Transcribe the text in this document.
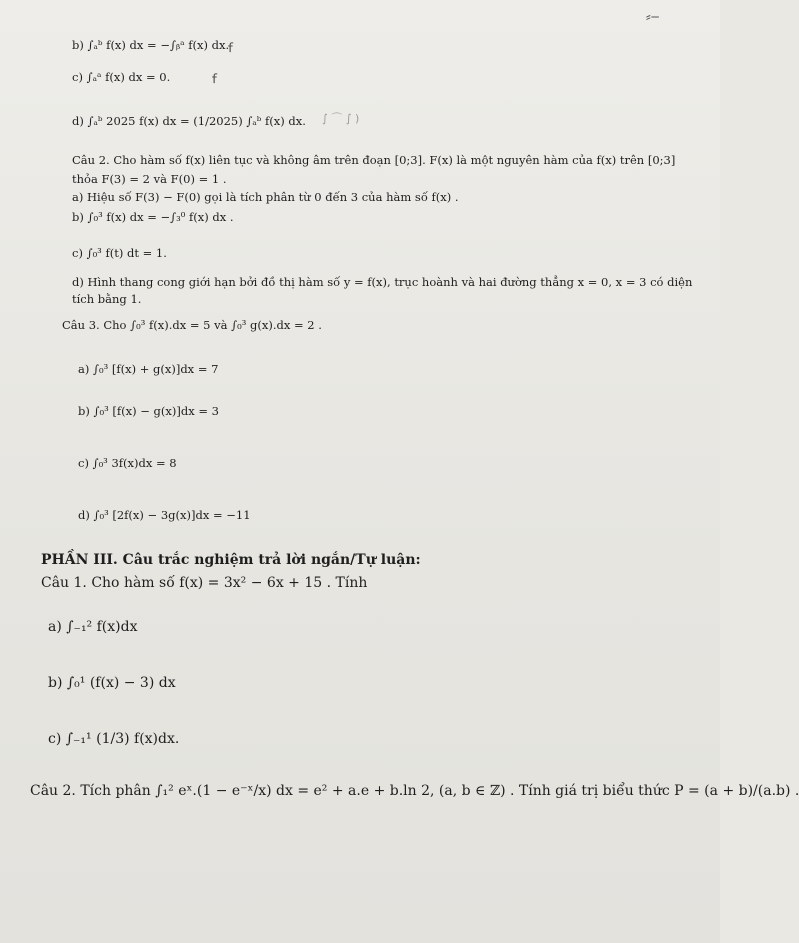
⸗‒
ꬵ
ꬵ
∫ ⌒ ∫ )
b) ∫ₐᵇ f(x) dx = −∫ᵦᵃ f(x) dx.
c) ∫ₐᵃ f(x) dx = 0.
d) ∫ₐᵇ 2025 f(x) dx = (1/2025) ∫ₐᵇ f(x) dx.
Câu 2. Cho hàm số f(x) liên tục và không âm trên đoạn [0;3]. F(x) là một nguyên hàm của f(x) trên [0;3]
thỏa F(3) = 2 và F(0) = 1 .
a) Hiệu số F(3) − F(0) gọi là tích phân từ 0 đến 3 của hàm số f(x) .
b) ∫₀³ f(x) dx = −∫₃⁰ f(x) dx .
c) ∫₀³ f(t) dt = 1.
d) Hình thang cong giới hạn bởi đồ thị hàm số y = f(x), trục hoành và hai đường thẳng x = 0, x = 3 có diện
tích bằng 1.
Câu 3. Cho ∫₀³ f(x).dx = 5 và ∫₀³ g(x).dx = 2 .
a) ∫₀³ [f(x) + g(x)]dx = 7
b) ∫₀³ [f(x) − g(x)]dx = 3
c) ∫₀³ 3f(x)dx = 8
d) ∫₀³ [2f(x) − 3g(x)]dx = −11
PHẦN III. Câu trắc nghiệm trả lời ngắn/Tự luận:
Câu 1. Cho hàm số f(x) = 3x² − 6x + 15 . Tính
a) ∫₋₁² f(x)dx
b) ∫₀¹ (f(x) − 3) dx
c) ∫₋₁¹ (1/3) f(x)dx.
Câu 2. Tích phân ∫₁² eˣ.(1 − e⁻ˣ/x) dx = e² + a.e + b.ln 2, (a, b ∈ ℤ) . Tính giá trị biểu thức P = (a + b)/(a.b) .
